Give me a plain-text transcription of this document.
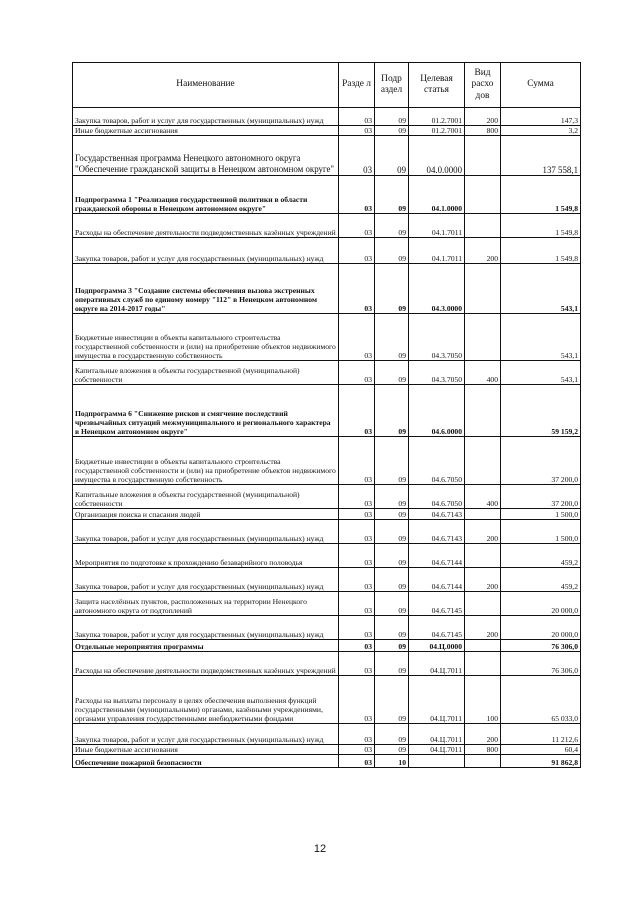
Наименование	Разде л	Подр аздел	Целевая статья	Вид расхо дов	Сумма
Закупка товаров, работ и услуг для государственных (муниципальных) нужд	03	09	01.2.7001	200	147,3
Иные бюджетные ассигнования	03	09	01.2.7001	800	3,2
Государственная программа Ненецкого автономного округа "Обеспечение гражданской защиты в Ненецком автономном округе"	03	09	04.0.0000		137 558,1
Подпрограмма 1 "Реализация государственной политики в области гражданской обороны в Ненецком автономном округе"	03	09	04.1.0000		1 549,8
Расходы на обеспечение деятельности подведомственных казённых учреждений	03	09	04.1.7011		1 549,8
Закупка товаров, работ и услуг для государственных (муниципальных) нужд	03	09	04.1.7011	200	1 549,8
Подпрограмма 3 "Создание системы обеспечения вызова экстренных оперативных служб по единому номеру "112" в Ненецком автономном округе на 2014-2017 годы"	03	09	04.3.0000		543,1
Бюджетные инвестиции в объекты капитального строительства государственной собственности и (или) на приобретение объектов недвижимого имущества в государственную собственность	03	09	04.3.7050		543,1
Капитальные вложения в объекты государственной (муниципальной) собственности	03	09	04.3.7050	400	543,1
Подпрограмма 6 "Снижение рисков и смягчение последствий чрезвычайных ситуаций межмуниципального и регионального характера в Ненецком автономном округе"	03	09	04.6.0000		59 159,2
Бюджетные инвестиции в объекты капитального строительства государственной собственности и (или) на приобретение объектов недвижимого имущества в государственную собственность	03	09	04.6.7050		37 200,0
Капитальные вложения в объекты государственной (муниципальной) собственности	03	09	04.6.7050	400	37 200,0
Организация поиска и спасания людей	03	09	04.6.7143		1 500,0
Закупка товаров, работ и услуг для государственных (муниципальных) нужд	03	09	04.6.7143	200	1 500,0
Мероприятия по подготовке к прохождению безаварийного половодья	03	09	04.6.7144		459,2
Закупка товаров, работ и услуг для государственных (муниципальных) нужд	03	09	04.6.7144	200	459,2
Защита населённых пунктов, расположенных на территории Ненецкого автономного округа от подтоплений	03	09	04.6.7145		20 000,0
Закупка товаров, работ и услуг для государственных (муниципальных) нужд	03	09	04.6.7145	200	20 000,0
Отдельные мероприятия программы	03	09	04.Ц.0000		76 306,0
Расходы на обеспечение деятельности подведомственных казённых учреждений	03	09	04.Ц.7011		76 306,0
Расходы на выплаты персоналу в целях обеспечения выполнения функций государственными (муниципальными) органами, казёнными учреждениями, органами управления государственными внебюджетными фондами	03	09	04.Ц.7011	100	65 033,0
Закупка товаров, работ и услуг для государственных (муниципальных) нужд	03	09	04.Ц.7011	200	11 212,6
Иные бюджетные ассигнования	03	09	04.Ц.7011	800	60,4
Обеспечение пожарной безопасности	03	10			91 862,8
12
